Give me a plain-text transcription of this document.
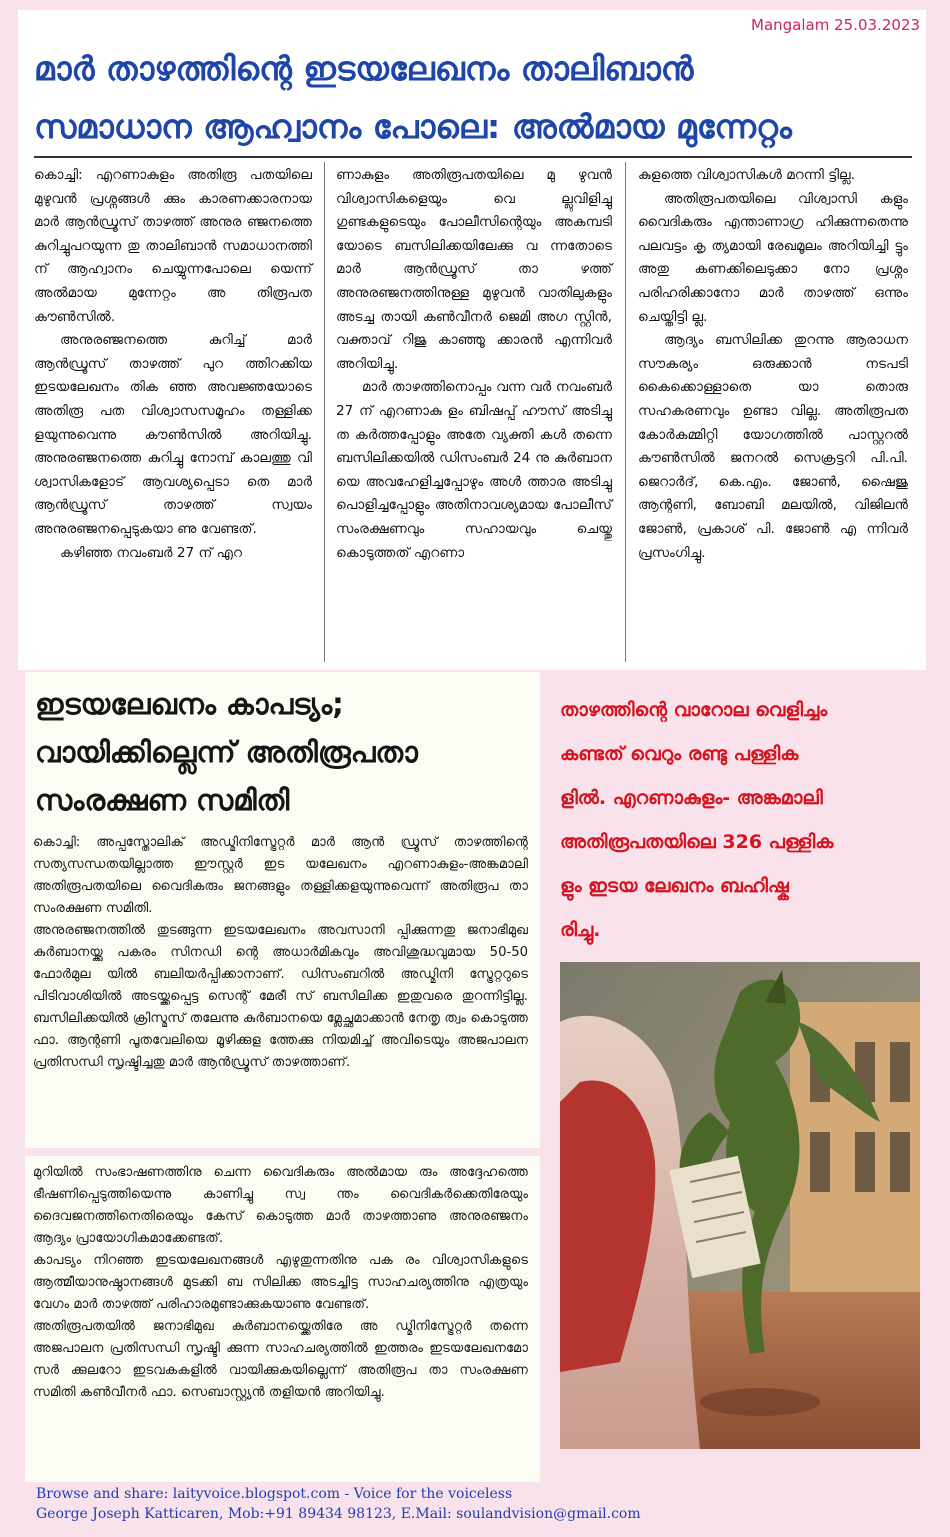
Mangalam 25.03.2023
മാർ താഴത്തിന്റെ ഇടയലേഖനം താലിബാൻ
സമാധാന ആഹ്വാനം പോലെ: അൽമായ മുന്നേറ്റം

കൊച്ചി: എറണാകുളം അതിരൂ പതയിലെ മുഴുവൻ പ്രശ്നങ്ങൾ ക്കും കാരണക്കാരനായ മാർ ആൻഡ്രൂസ് താഴത്ത് അനുര ഞ്ജനത്തെ കുറിച്ചുപറയുന്ന തു താലിബാൻ സമാധാനത്തി ന് ആഹ്വാനം ചെയ്യുന്നപോലെ യെന്ന് അൽമായ മുന്നേറ്റം അ തിരൂപത കൗൺസിൽ.

അനുരഞ്ജനത്തെ കുറിച്ച് മാർ ആൻഡ്രൂസ് താഴത്ത് പുറ ത്തിറക്കിയ ഇടയലേഖനം തിക ഞ്ഞ അവജ്ഞയോടെ അതിരൂ പത വിശ്വാസസമൂഹം തള്ളിക്ക ളയുന്നുവെന്നു കൗൺസിൽ അറിയിച്ചു. അനുരഞ്ജനത്തെ കുറിച്ചു നോമ്പ് കാലത്തു വി ശ്വാസികളോട് ആവശ്യപ്പെടാ തെ മാർ ആൻഡ്രൂസ് താഴത്ത് സ്വയം അനുരഞ്ജനപ്പെടുകയാ ണു വേണ്ടത്.

കഴിഞ്ഞ നവംബർ 27 ന് എറ

ണാകുളം അതിരൂപതയിലെ മു ഴുവൻ വിശ്വാസികളെയും വെ ല്ലുവിളിച്ചു ഗുണ്ടകളുടെയും പോലീസിന്റെയും അകമ്പടി യോടെ ബസിലിക്കയിലേക്കു വ ന്നതോടെ മാർ ആൻഡ്രൂസ് താ ഴത്ത് അനുരഞ്ജനത്തിനുള്ള മുഴുവൻ വാതിലുകളും അടച്ച തായി കൺവീനർ ജെമി അഗ സ്റ്റിൻ, വക്താവ് റിജു കാഞ്ഞൂ ക്കാരൻ എന്നിവർ അറിയിച്ചു.

മാർ താഴത്തിനൊപ്പം വന്ന വർ നവംബർ 27 ന് എറണാകു ളം ബിഷപ്പ് ഹൗസ് അടിച്ചു ത കർത്തപ്പോളും അതേ വ്യക്തി കൾ തന്നെ ബസിലിക്കയിൽ ഡിസംബർ 24 നു കുർബാന യെ അവഹേളിച്ചപ്പോഴും അൾ ത്താര അടിച്ചു പൊളിച്ചപ്പോളും അതിനാവശ്യമായ പോലീസ് സംരക്ഷണവും സഹായവും ചെയ്തു കൊടുത്തത് എറണാ

കുളത്തെ വിശ്വാസികൾ മറന്നി ട്ടില്ല.

അതിരൂപതയിലെ വിശ്വാസി കളും വൈദികരും എന്താണാഗ്ര ഹിക്കുന്നതെന്നു പലവട്ടം കൃ ത്യമായി രേഖമൂലം അറിയിച്ചി ട്ടും അതു കണക്കിലെടുക്കാ നോ പ്രശ്നം പരിഹരിക്കാനോ മാർ താഴത്ത് ഒന്നും ചെയ്തിട്ടി ല്ല.

ആദ്യം ബസിലിക്ക തുറന്നു ആരാധന സൗകര്യം ഒരുക്കാൻ നടപടി കൈക്കൊള്ളാതെ യാ തൊരു സഹകരണവും ഉണ്ടാ വില്ല. അതിരൂപത കോർകമ്മിറ്റി യോഗത്തിൽ പാസ്റ്ററൽ കൗൺസിൽ ജനറൽ സെക്രട്ടറി പി.പി. ജെറാർദ്, കെ.എം. ജോൺ, ഷൈജു ആന്റണി, ബോബി മലയിൽ, വിജിലൻ ജോൺ, പ്രകാശ് പി. ജോൺ എ ന്നിവർ പ്രസംഗിച്ചു.

ഇടയലേഖനം കാപട്യം;
വായിക്കില്ലെന്ന് അതിരൂപതാ
സംരക്ഷണ സമിതി

കൊച്ചി: അപ്പസ്തോലിക് അഡ്മിനിസ്ട്രേറ്റർ മാർ ആൻ ഡ്രൂസ് താഴത്തിന്റെ സത്യസന്ധതയില്ലാത്ത ഈസ്റ്റർ ഇട യലേഖനം എറണാകുളം-അങ്കമാലി അതിരൂപതയിലെ വൈദികരും ജനങ്ങളും തള്ളിക്കളയുന്നുവെന്ന് അതിരൂപ താ സംരക്ഷണ സമിതി.

അനുരഞ്ജനത്തിൽ തുടങ്ങുന്ന ഇടയലേഖനം അവസാനി പ്പിക്കുന്നതു ജനാഭിമുഖ കുർബാനയ്ക്കു പകരം സിനഡി ന്റെ അധാർമികവും അവിശുദ്ധവുമായ 50-50 ഫോർമുല യിൽ ബലിയർപ്പിക്കാനാണ്. ഡിസംബറിൽ അഡ്മിനി സ്ട്രേറ്ററുടെ പിടിവാശിയിൽ അടയ്ക്കപ്പെട്ട സെന്റ് മേരീ സ് ബസിലിക്ക ഇതുവരെ തുറന്നിട്ടില്ല. ബസിലിക്കയിൽ ക്രിസ്മസ് തലേന്നു കുർബാനയെ മ്ലേച്ഛമാക്കാൻ നേതൃ ത്വം കൊടുത്ത ഫാ. ആന്റണി പൂതവേലിയെ മൂഴിക്കുള ത്തേക്കു നിയമിച്ച് അവിടെയും അജപാലന പ്രതിസന്ധി സൃഷ്ടിച്ചതു മാർ ആൻഡ്രൂസ് താഴത്താണ്.

മുറിയിൽ സംഭാഷണത്തിനു ചെന്ന വൈദികരും അൽമായ രും അദ്ദേഹത്തെ ഭീഷണിപ്പെടുത്തിയെന്നു കാണിച്ചു സ്വ ന്തം വൈദികർക്കെതിരേയും ദൈവജനത്തിനെതിരെയും കേസ് കൊടുത്ത മാർ താഴത്താണു അനുരഞ്ജനം ആദ്യം പ്രായോഗികമാക്കേണ്ടത്.

കാപട്യം നിറഞ്ഞ ഇടയലേഖനങ്ങൾ എഴുതുന്നതിനു പക രം വിശ്വാസികളുടെ ആത്മീയാനുഷ്ഠാനങ്ങൾ മുടക്കി ബ സിലിക്ക അടച്ചിട്ട സാഹചര്യത്തിനു എത്രയും വേഗം മാർ താഴത്ത് പരിഹാരമുണ്ടാക്കുകയാണു വേണ്ടത്.

അതിരൂപതയിൽ ജനാഭിമുഖ കുർബാനയ്ക്കെതിരേ അ ഡ്മിനിസ്ട്രേറ്റർ തന്നെ അജപാലന പ്രതിസന്ധി സൃഷ്ടി ക്കുന്ന സാഹചര്യത്തിൽ ഇത്തരം ഇടയലേഖനമോ സർ ക്കുലറോ ഇടവകകളിൽ വായിക്കുകയില്ലെന്ന് അതിരൂപ താ സംരക്ഷണ സമിതി കൺവീനർ ഫാ. സെബാസ്റ്റ്യൻ തളിയൻ അറിയിച്ചു.

താഴത്തിന്റെ വാറോല വെളിച്ചം
കണ്ടത് വെറും രണ്ടു പള്ളിക
ളിൽ. എറണാകുളം- അങ്കമാലി
അതിരൂപതയിലെ 326 പള്ളിക
ളും ഇടയ ലേഖനം ബഹിഷ്ക
രിച്ചു.
Browse and share: laityvoice.blogspot.com - Voice for the voiceless
George Joseph Katticaren, Mob:+91 89434 98123, E.Mail: soulandvision@gmail.com
